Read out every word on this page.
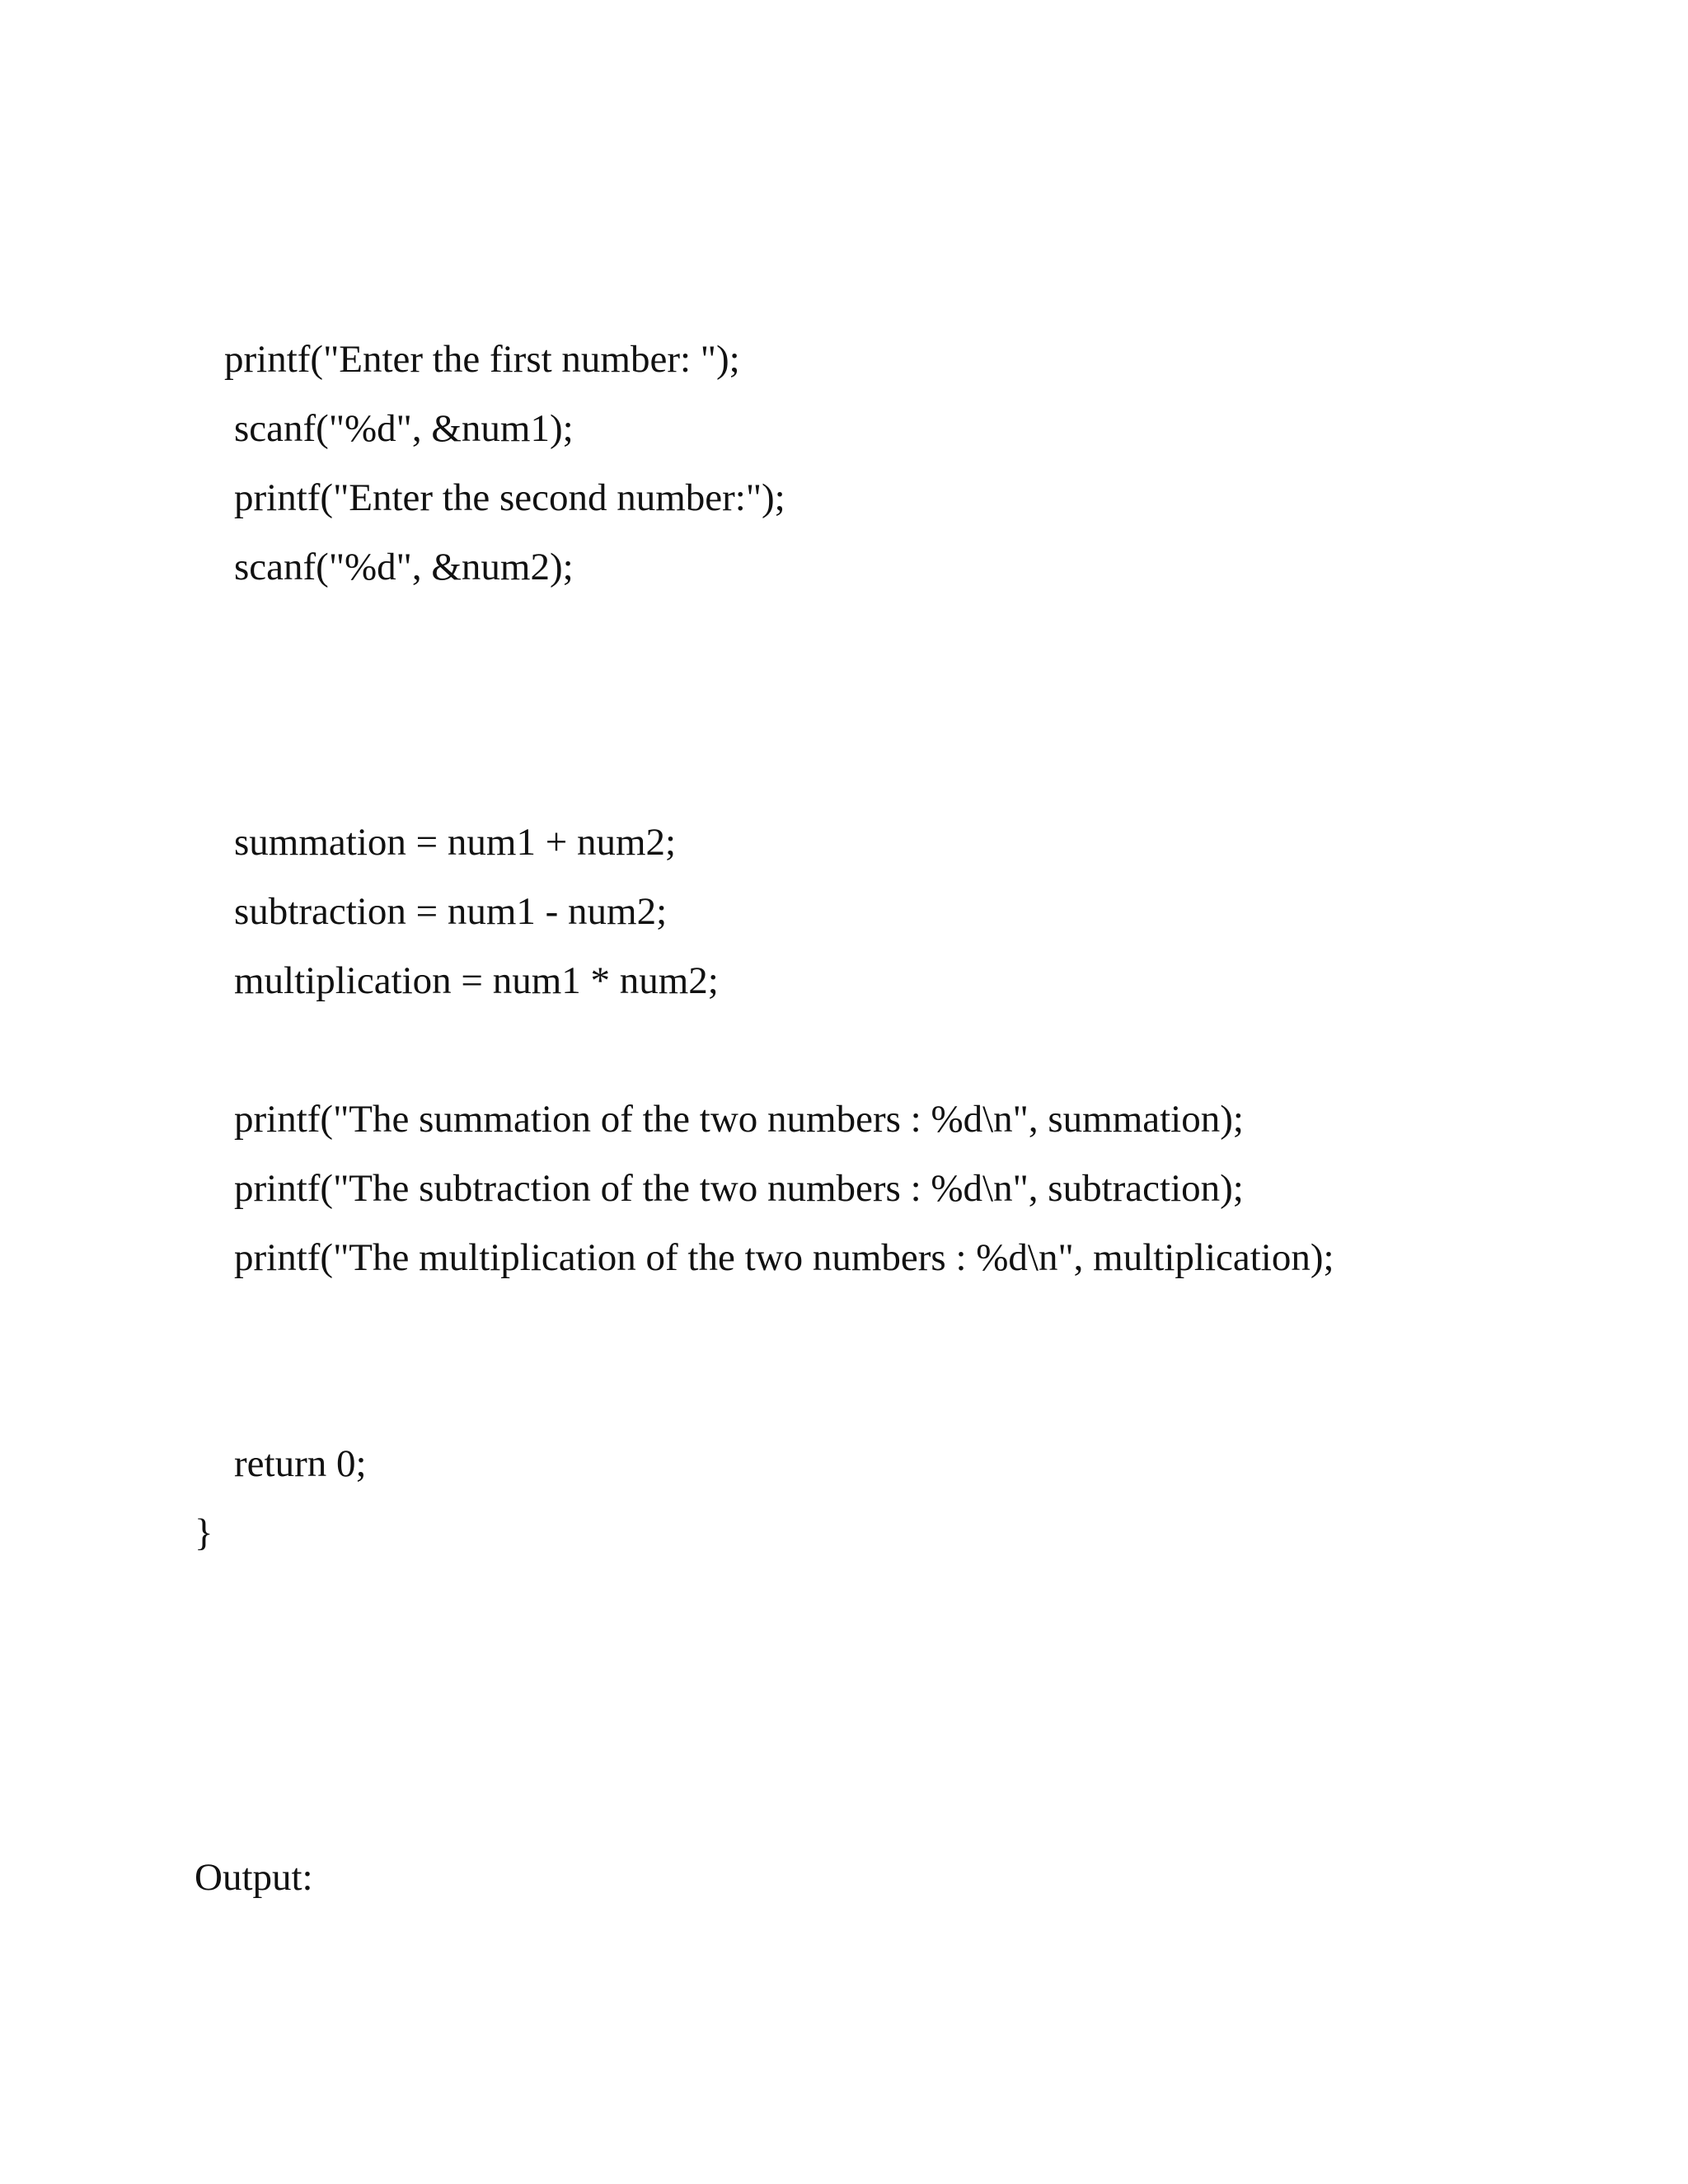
printf("Enter the first number: ");
scanf("%d", &num1);
printf("Enter the second number:");
scanf("%d", &num2);
summation = num1 + num2;
subtraction = num1 - num2;
multiplication = num1 * num2;
printf("The summation of the two numbers : %d\n", summation);
printf("The subtraction of the two numbers : %d\n", subtraction);
printf("The multiplication of the two numbers : %d\n", multiplication);
return 0;
}
Output:
